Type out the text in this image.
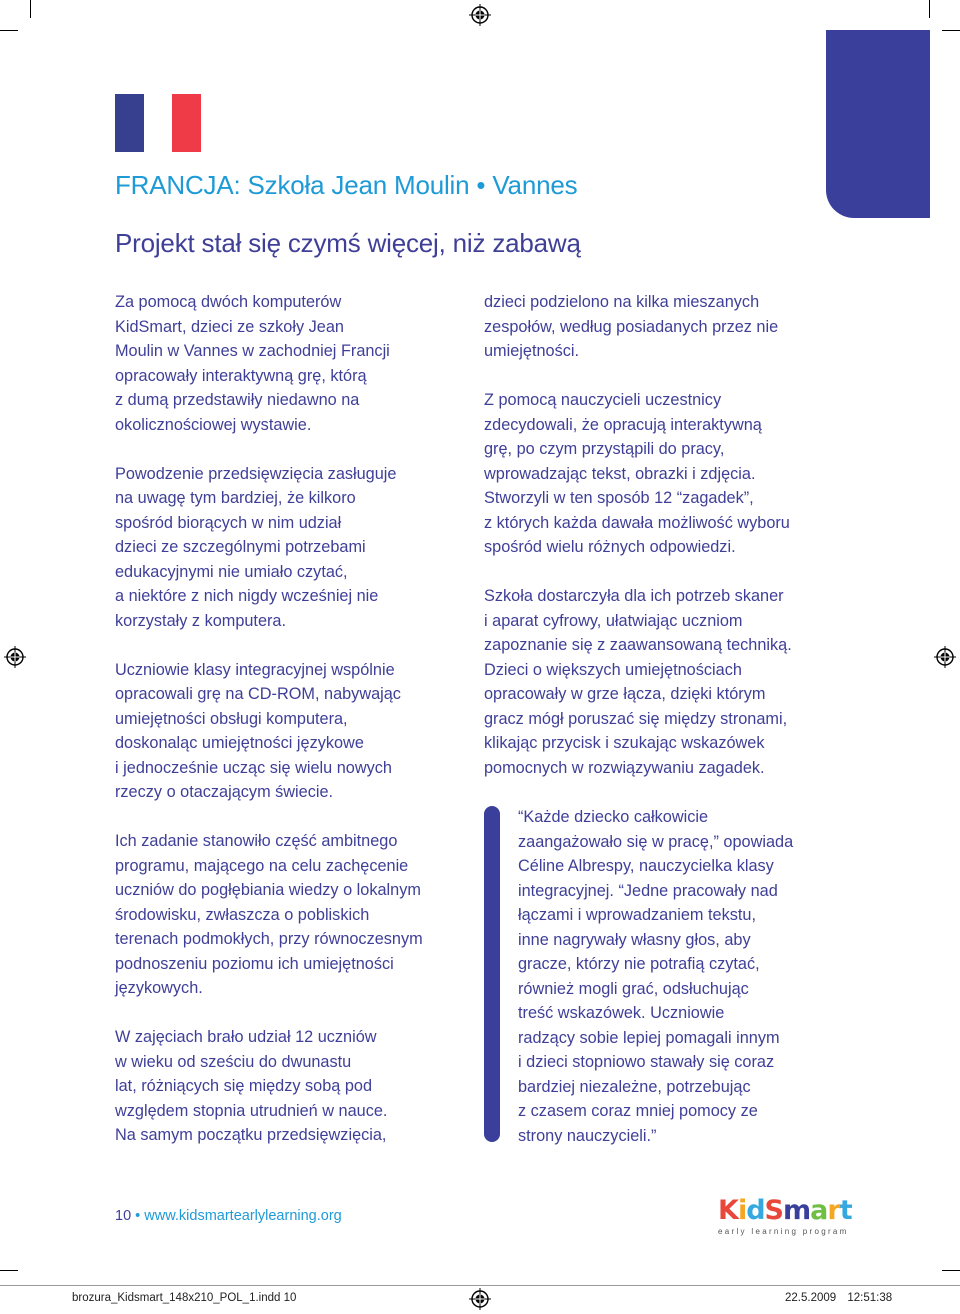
FRANCJA: Szkoła Jean Moulin • Vannes
Projekt stał się czymś więcej, niż zabawą

Za pomocą dwóch komputerów
KidSmart, dzieci ze szkoły Jean
Moulin w Vannes w zachodniej Francji
opracowały interaktywną grę, którą
z dumą przedstawiły niedawno na
okolicznościowej wystawie.

Powodzenie przedsięwzięcia zasługuje
na uwagę tym bardziej, że kilkoro
spośród biorących w nim udział
dzieci ze szczególnymi potrzebami
edukacyjnymi nie umiało czytać,
a niektóre z nich nigdy wcześniej nie
korzystały z komputera.

Uczniowie klasy integracyjnej wspólnie
opracowali grę na CD-ROM, nabywając
umiejętności obsługi komputera,
doskonaląc umiejętności językowe
i jednocześnie ucząc się wielu nowych
rzeczy o otaczającym świecie.

Ich zadanie stanowiło część ambitnego
programu, mającego na celu zachęcenie
uczniów do pogłębiania wiedzy o lokalnym
środowisku, zwłaszcza o pobliskich
terenach podmokłych, przy równoczesnym
podnoszeniu poziomu ich umiejętności
językowych.

W zajęciach brało udział 12 uczniów
w wieku od sześciu do dwunastu
lat, różniących się między sobą pod
względem stopnia utrudnień w nauce.
Na samym początku przedsięwzięcia,

dzieci podzielono na kilka mieszanych
zespołów, według posiadanych przez nie
umiejętności.

Z pomocą nauczycieli uczestnicy
zdecydowali, że opracują interaktywną
grę, po czym przystąpili do pracy,
wprowadzając tekst, obrazki i zdjęcia.
Stworzyli w ten sposób 12 “zagadek”,
z których każda dawała możliwość wyboru
spośród wielu różnych odpowiedzi.

Szkoła dostarczyła dla ich potrzeb skaner
i aparat cyfrowy, ułatwiając uczniom
zapoznanie się z zaawansowaną techniką.
Dzieci o większych umiejętnościach
opracowały w grze łącza, dzięki którym
gracz mógł poruszać się między stronami,
klikając przycisk i szukając wskazówek
pomocnych w rozwiązywaniu zagadek.

“Każde dziecko całkowicie
zaangażowało się w pracę,” opowiada
Céline Albrespy, nauczycielka klasy
integracyjnej. “Jedne pracowały nad
łączami i wprowadzaniem tekstu,
inne nagrywały własny głos, aby
gracze, którzy nie potrafią czytać,
również mogli grać, odsłuchując
treść wskazówek. Uczniowie
radzący sobie lepiej pomagali innym
i dzieci stopniowo stawały się coraz
bardziej niezależne, potrzebując
z czasem coraz mniej pomocy ze
strony nauczycieli.”
10 • www.kidsmartearlylearning.org	KidSmart
early learning program
brozura_Kidsmart_148x210_POL_1.indd 10	22.5.2009 12:51:38
